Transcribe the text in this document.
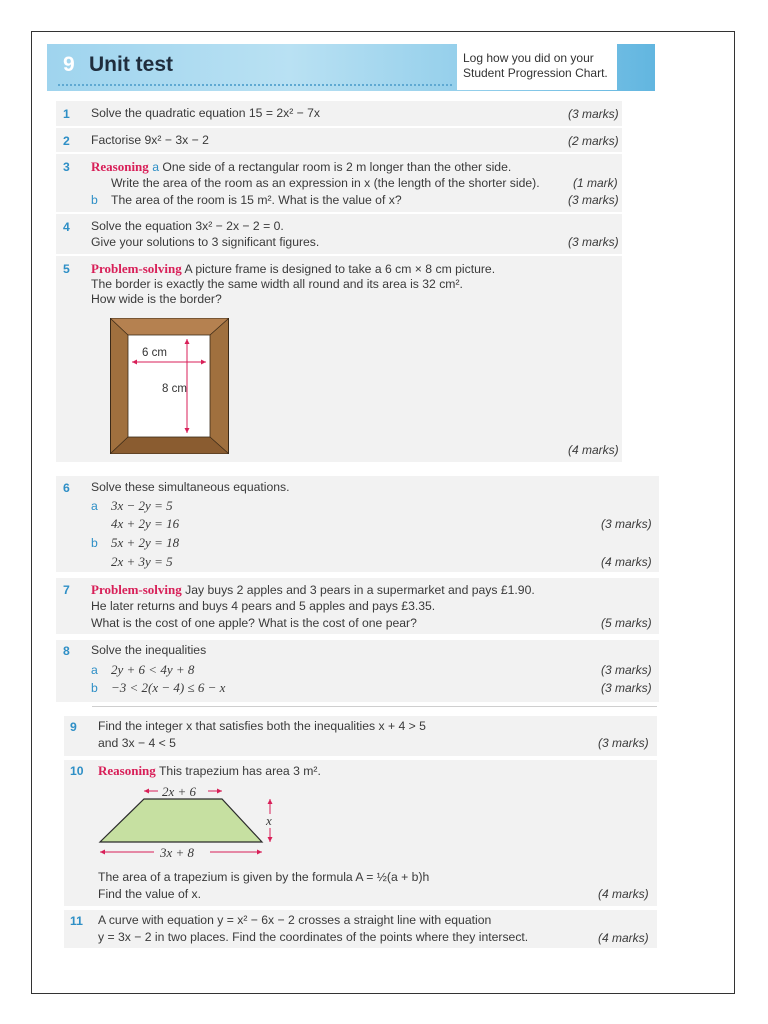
9 Unit test	Log how you did on your
Student Progression Chart.
1 Solve the quadratic equation 15 = 2x² − 7x	(3 marks)
2 Factorise 9x² − 3x − 2	(2 marks)
3 Reasoning a One side of a rectangular room is 2 m longer than the other side.
Write the area of the room as an expression in x (the length of the shorter side).	(1 mark)
b The area of the room is 15 m². What is the value of x?	(3 marks)
4 Solve the equation 3x² − 2x − 2 = 0.
Give your solutions to 3 significant figures.	(3 marks)
5 Problem-solving A picture frame is designed to take a 6 cm × 8 cm picture.
The border is exactly the same width all round and its area is 32 cm².
How wide is the border?
6 cm
8 cm
(4 marks)
6 Solve these simultaneous equations.
a 3x − 2y = 5
4x + 2y = 16	(3 marks)
b 5x + 2y = 18
2x + 3y = 5	(4 marks)
7 Problem-solving Jay buys 2 apples and 3 pears in a supermarket and pays £1.90.
He later returns and buys 4 pears and 5 apples and pays £3.35.
What is the cost of one apple? What is the cost of one pear?	(5 marks)
8 Solve the inequalities
a 2y + 6 < 4y + 8	(3 marks)
b −3 < 2(x − 4) ≤ 6 − x	(3 marks)
9 Find the integer x that satisfies both the inequalities x + 4 > 5
and 3x − 4 < 5	(3 marks)
10 Reasoning This trapezium has area 3 m².
2x + 6
3x + 8
x
The area of a trapezium is given by the formula A = ½(a + b)h
Find the value of x.	(4 marks)
11 A curve with equation y = x² − 6x − 2 crosses a straight line with equation
y = 3x − 2 in two places. Find the coordinates of the points where they intersect.	(4 marks)
